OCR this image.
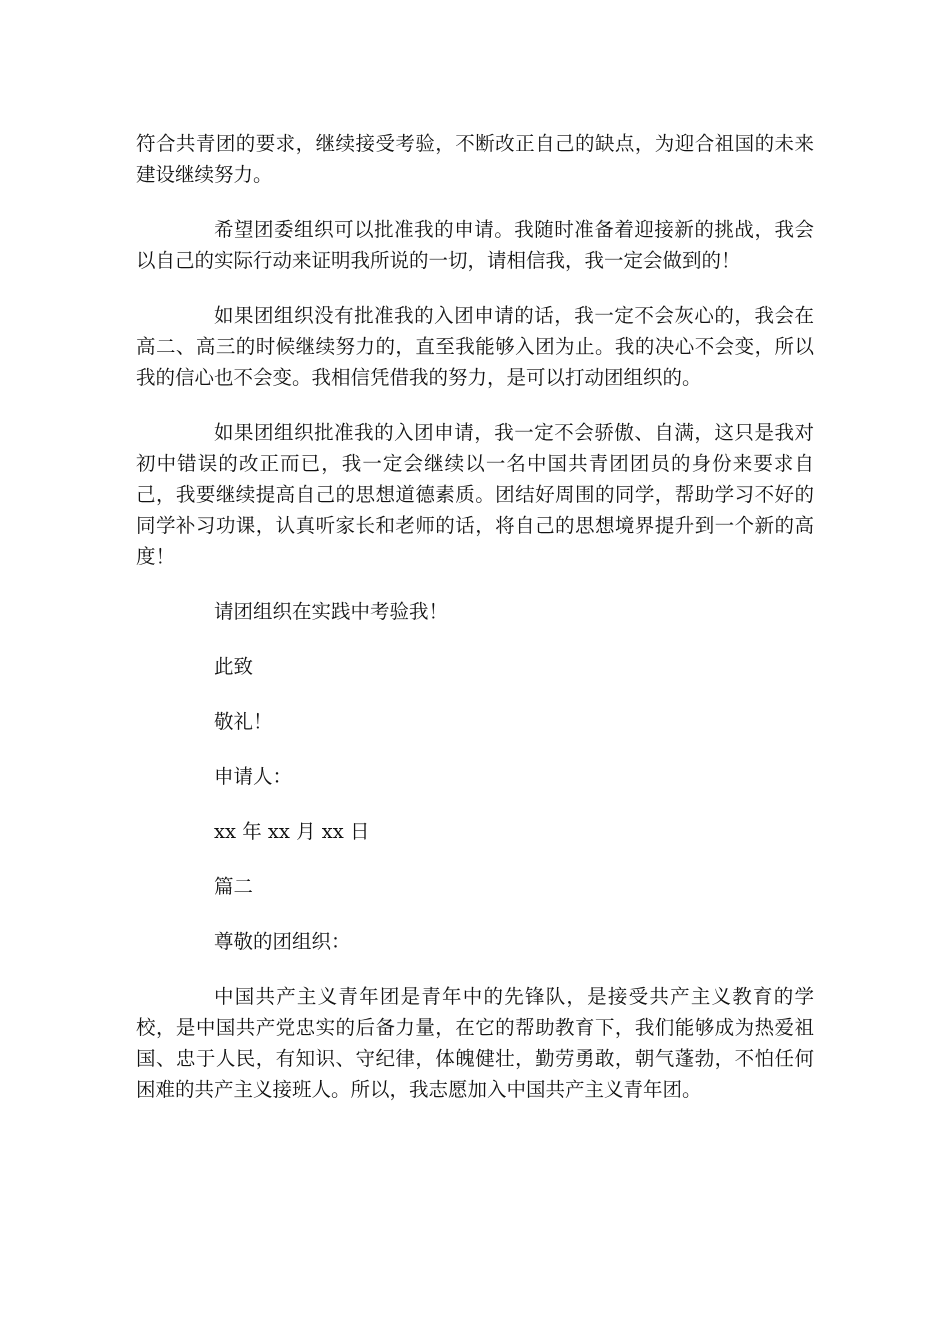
符合共青团的要求，继续接受考验，不断改正自己的缺点，为迎合祖国的未来建设继续努力。

希望团委组织可以批准我的申请。我随时准备着迎接新的挑战，我会以自己的实际行动来证明我所说的一切，请相信我，我一定会做到的！

如果团组织没有批准我的入团申请的话，我一定不会灰心的，我会在高二、高三的时候继续努力的，直至我能够入团为止。我的决心不会变，所以我的信心也不会变。我相信凭借我的努力，是可以打动团组织的。

如果团组织批准我的入团申请，我一定不会骄傲、自满，这只是我对初中错误的改正而已，我一定会继续以一名中国共青团团员的身份来要求自己，我要继续提高自己的思想道德素质。团结好周围的同学，帮助学习不好的同学补习功课，认真听家长和老师的话，将自己的思想境界提升到一个新的高度！

请团组织在实践中考验我！

此致

敬礼！

申请人：

xx 年 xx 月 xx 日

篇二

尊敬的团组织：

中国共产主义青年团是青年中的先锋队，是接受共产主义教育的学校，是中国共产党忠实的后备力量，在它的帮助教育下，我们能够成为热爱祖国、忠于人民，有知识、守纪律，体魄健壮，勤劳勇敢，朝气蓬勃，不怕任何困难的共产主义接班人。所以，我志愿加入中国共产主义青年团。
